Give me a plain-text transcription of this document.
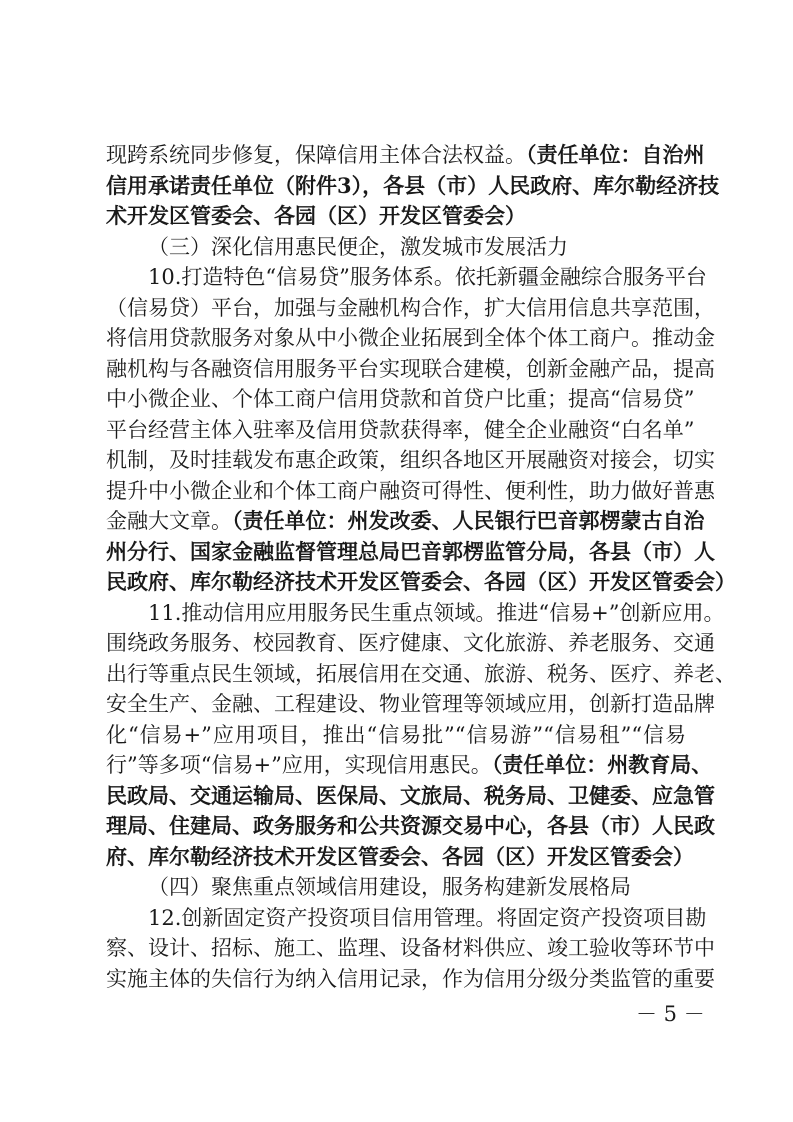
现跨系统同步修复，保障信用主体合法权益。（责任单位：自治州
信用承诺责任单位（附件3），各县（市）人民政府、库尔勒经济技
术开发区管委会、各园（区）开发区管委会）
（三）深化信用惠民便企，激发城市发展活力
10.打造特色“信易贷”服务体系。依托新疆金融综合服务平台
（信易贷）平台，加强与金融机构合作，扩大信用信息共享范围，
将信用贷款服务对象从中小微企业拓展到全体个体工商户。推动金
融机构与各融资信用服务平台实现联合建模，创新金融产品，提高
中小微企业、个体工商户信用贷款和首贷户比重；提高“信易贷”
平台经营主体入驻率及信用贷款获得率，健全企业融资“白名单”
机制，及时挂载发布惠企政策，组织各地区开展融资对接会，切实
提升中小微企业和个体工商户融资可得性、便利性，助力做好普惠
金融大文章。（责任单位：州发改委、人民银行巴音郭楞蒙古自治
州分行、国家金融监督管理总局巴音郭楞监管分局，各县（市）人
民政府、库尔勒经济技术开发区管委会、各园（区）开发区管委会）
11.推动信用应用服务民生重点领域。推进“信易+”创新应用。
围绕政务服务、校园教育、医疗健康、文化旅游、养老服务、交通
出行等重点民生领域，拓展信用在交通、旅游、税务、医疗、养老、
安全生产、金融、工程建设、物业管理等领域应用，创新打造品牌
化“信易+”应用项目，推出“信易批”“信易游”“信易租”“信易
行”等多项“信易+”应用，实现信用惠民。（责任单位：州教育局、
民政局、交通运输局、医保局、文旅局、税务局、卫健委、应急管
理局、住建局、政务服务和公共资源交易中心，各县（市）人民政
府、库尔勒经济技术开发区管委会、各园（区）开发区管委会）
（四）聚焦重点领域信用建设，服务构建新发展格局
12.创新固定资产投资项目信用管理。将固定资产投资项目勘
察、设计、招标、施工、监理、设备材料供应、竣工验收等环节中
实施主体的失信行为纳入信用记录，作为信用分级分类监管的重要
－ 5 －
